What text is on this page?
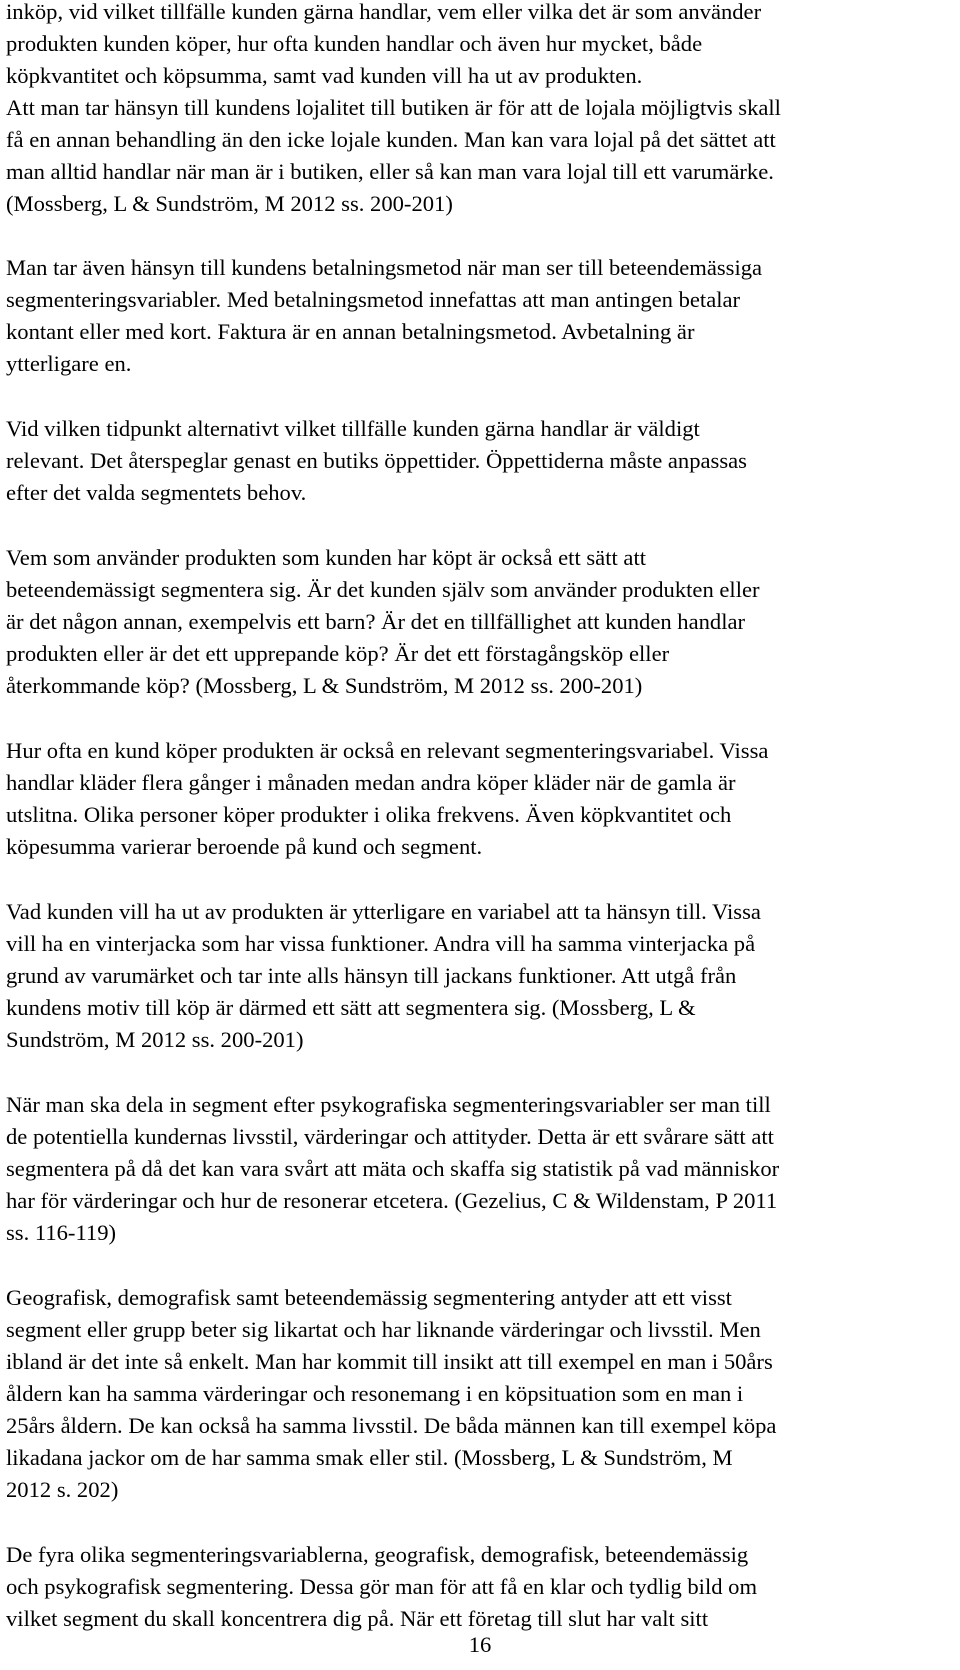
inköp, vid vilket tillfälle kunden gärna handlar, vem eller vilka det är som använder
produkten kunden köper, hur ofta kunden handlar och även hur mycket, både
köpkvantitet och köpsumma, samt vad kunden vill ha ut av produkten.
Att man tar hänsyn till kundens lojalitet till butiken är för att de lojala möjligtvis skall
få en annan behandling än den icke lojale kunden. Man kan vara lojal på det sättet att
man alltid handlar när man är i butiken, eller så kan man vara lojal till ett varumärke.
(Mossberg, L & Sundström, M 2012 ss. 200-201)

Man tar även hänsyn till kundens betalningsmetod när man ser till beteendemässiga
segmenteringsvariabler. Med betalningsmetod innefattas att man antingen betalar
kontant eller med kort. Faktura är en annan betalningsmetod. Avbetalning är
ytterligare en.

Vid vilken tidpunkt alternativt vilket tillfälle kunden gärna handlar är väldigt
relevant. Det återspeglar genast en butiks öppettider. Öppettiderna måste anpassas
efter det valda segmentets behov.

Vem som använder produkten som kunden har köpt är också ett sätt att
beteendemässigt segmentera sig. Är det kunden själv som använder produkten eller
är det någon annan, exempelvis ett barn? Är det en tillfällighet att kunden handlar
produkten eller är det ett upprepande köp? Är det ett förstagångsköp eller
återkommande köp? (Mossberg, L & Sundström, M 2012 ss. 200-201)

Hur ofta en kund köper produkten är också en relevant segmenteringsvariabel. Vissa
handlar kläder flera gånger i månaden medan andra köper kläder när de gamla är
utslitna. Olika personer köper produkter i olika frekvens. Även köpkvantitet och
köpesumma varierar beroende på kund och segment.

Vad kunden vill ha ut av produkten är ytterligare en variabel att ta hänsyn till. Vissa
vill ha en vinterjacka som har vissa funktioner. Andra vill ha samma vinterjacka på
grund av varumärket och tar inte alls hänsyn till jackans funktioner. Att utgå från
kundens motiv till köp är därmed ett sätt att segmentera sig. (Mossberg, L &
Sundström, M 2012 ss. 200-201)

När man ska dela in segment efter psykografiska segmenteringsvariabler ser man till
de potentiella kundernas livsstil, värderingar och attityder. Detta är ett svårare sätt att
segmentera på då det kan vara svårt att mäta och skaffa sig statistik på vad människor
har för värderingar och hur de resonerar etcetera. (Gezelius, C & Wildenstam, P 2011
ss. 116-119)

Geografisk, demografisk samt beteendemässig segmentering antyder att ett visst
segment eller grupp beter sig likartat och har liknande värderingar och livsstil. Men
ibland är det inte så enkelt. Man har kommit till insikt att till exempel en man i 50års
åldern kan ha samma värderingar och resonemang i en köpsituation som en man i
25års åldern. De kan också ha samma livsstil. De båda männen kan till exempel köpa
likadana jackor om de har samma smak eller stil. (Mossberg, L & Sundström, M
2012 s. 202)

De fyra olika segmenteringsvariablerna, geografisk, demografisk, beteendemässig
och psykografisk segmentering. Dessa gör man för att få en klar och tydlig bild om
vilket segment du skall koncentrera dig på. När ett företag till slut har valt sitt

16
